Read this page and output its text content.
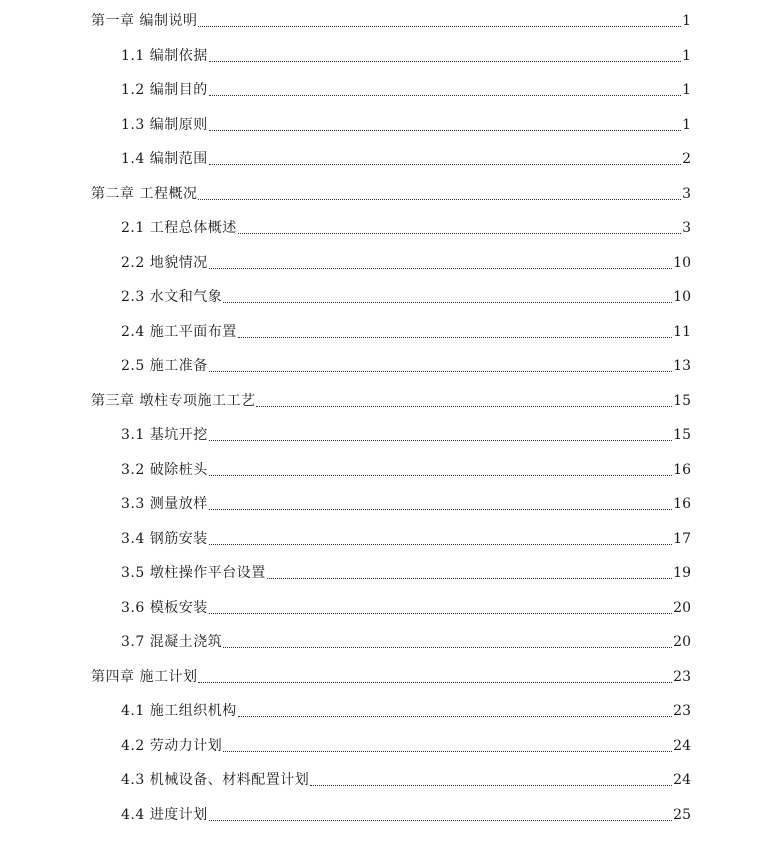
第一章 编制说明	1
1.1 编制依据	1
1.2 编制目的	1
1.3 编制原则	1
1.4 编制范围	2
第二章 工程概况	3
2.1 工程总体概述	3
2.2 地貌情况	10
2.3 水文和气象	10
2.4 施工平面布置	11
2.5 施工准备	13
第三章 墩柱专项施工工艺	15
3.1 基坑开挖	15
3.2 破除桩头	16
3.3 测量放样	16
3.4 钢筋安装	17
3.5 墩柱操作平台设置	19
3.6 模板安装	20
3.7 混凝土浇筑	20
第四章 施工计划	23
4.1 施工组织机构	23
4.2 劳动力计划	24
4.3 机械设备、材料配置计划	24
4.4 进度计划	25
